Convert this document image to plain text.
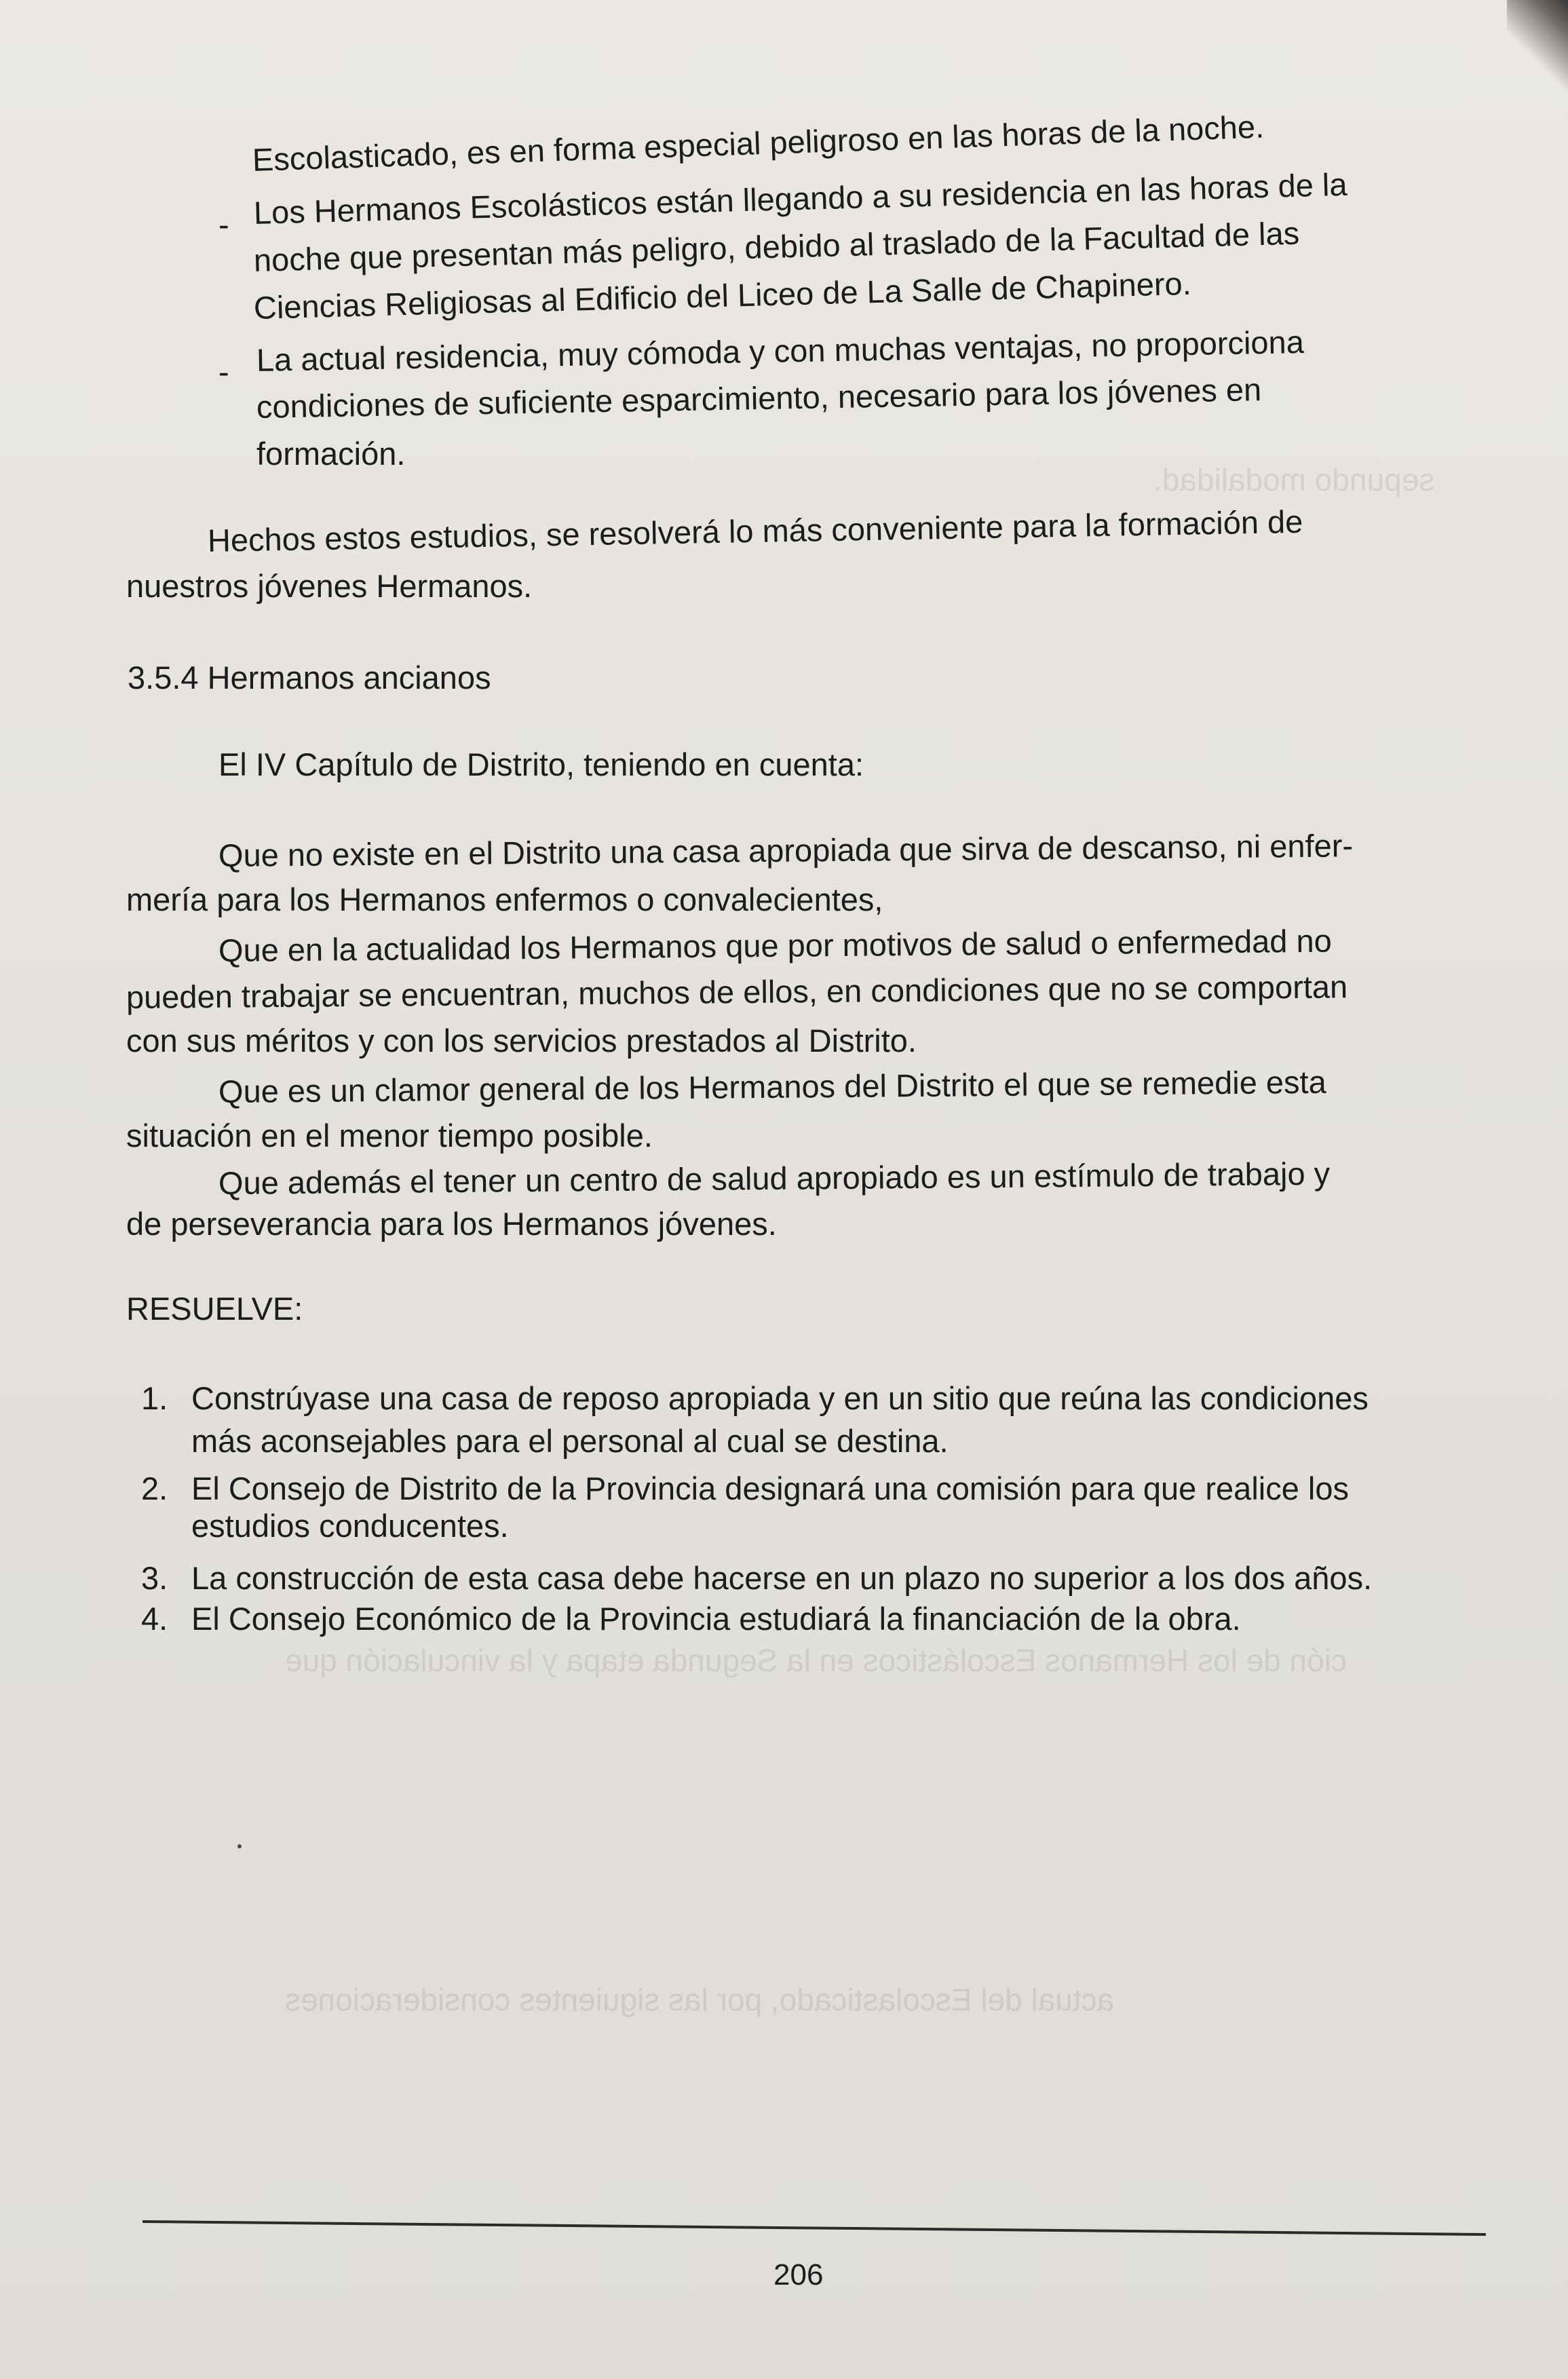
sepundo modalidad.
ción de los Hermanos Escolásticos en la Segunda etapa y la vinculación que
actual del Escolasticado, por las siguientes consideraciones
Escolasticado, es en forma especial peligroso en las horas de la noche.
- Los Hermanos Escolásticos están llegando a su residencia en las horas de la
noche que presentan más peligro, debido al traslado de la Facultad de las
Ciencias Religiosas al Edificio del Liceo de La Salle de Chapinero.
- La actual residencia, muy cómoda y con muchas ventajas, no proporciona
condiciones de suficiente esparcimiento, necesario para los jóvenes en
formación.
Hechos estos estudios, se resolverá lo más conveniente para la formación de
nuestros jóvenes Hermanos.
3.5.4 Hermanos ancianos
El IV Capítulo de Distrito, teniendo en cuenta:
Que no existe en el Distrito una casa apropiada que sirva de descanso, ni enfer-
mería para los Hermanos enfermos o convalecientes,
Que en la actualidad los Hermanos que por motivos de salud o enfermedad no
pueden trabajar se encuentran, muchos de ellos, en condiciones que no se comportan
con sus méritos y con los servicios prestados al Distrito.
Que es un clamor general de los Hermanos del Distrito el que se remedie esta
situación en el menor tiempo posible.
Que además el tener un centro de salud apropiado es un estímulo de trabajo y
de perseverancia para los Hermanos jóvenes.
RESUELVE:
1. Constrúyase una casa de reposo apropiada y en un sitio que reúna las condiciones
más aconsejables para el personal al cual se destina.
2. El Consejo de Distrito de la Provincia designará una comisión para que realice los
estudios conducentes.
3. La construcción de esta casa debe hacerse en un plazo no superior a los dos años.
4. El Consejo Económico de la Provincia estudiará la financiación de la obra.
206
